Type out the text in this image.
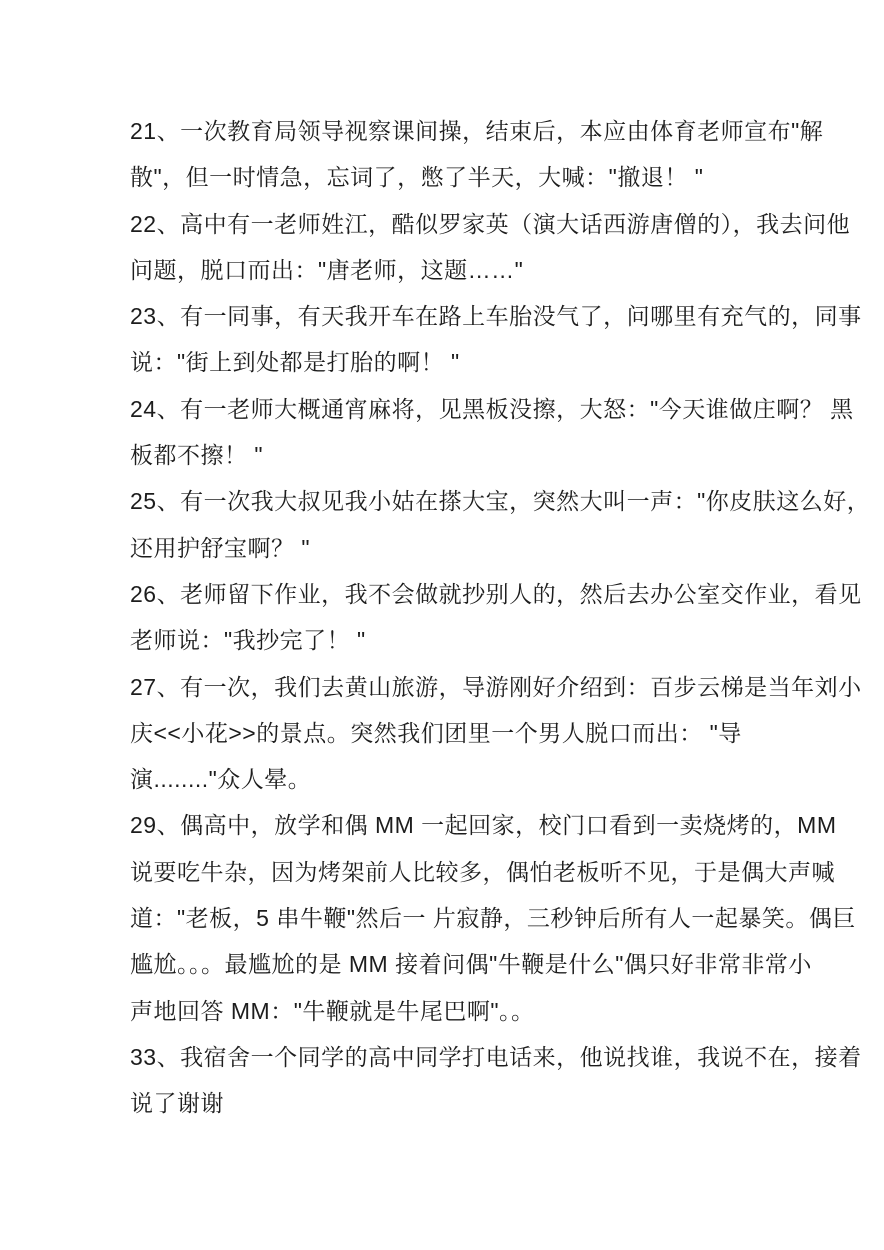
21、一次教育局领导视察课间操，结束后，本应由体育老师宣布"解
散"，但一时情急，忘词了，憋了半天，大喊："撤退！ "
22、高中有一老师姓江，酷似罗家英（演大话西游唐僧的），我去问他
问题，脱口而出："唐老师，这题……"
23、有一同事，有天我开车在路上车胎没气了，问哪里有充气的，同事
说："街上到处都是打胎的啊！ "
24、有一老师大概通宵麻将，见黑板没擦，大怒："今天谁做庄啊？ 黑
板都不擦！ "
25、有一次我大叔见我小姑在搽大宝，突然大叫一声："你皮肤这么好，
还用护舒宝啊？ "
26、老师留下作业，我不会做就抄别人的，然后去办公室交作业，看见
老师说："我抄完了！ "
27、有一次，我们去黄山旅游，导游刚好介绍到：百步云梯是当年刘小
庆<<小花>>的景点。突然我们团里一个男人脱口而出： "导
演........"众人晕。
29、偶高中，放学和偶 MM 一起回家，校门口看到一卖烧烤的，MM
说要吃牛杂，因为烤架前人比较多，偶怕老板听不见，于是偶大声喊
道："老板，5 串牛鞭"然后一 片寂静，三秒钟后所有人一起暴笑。偶巨
尴尬。。。最尴尬的是 MM 接着问偶"牛鞭是什么"偶只好非常非常小
声地回答 MM："牛鞭就是牛尾巴啊"。。
33、我宿舍一个同学的高中同学打电话来，他说找谁，我说不在，接着
说了谢谢
